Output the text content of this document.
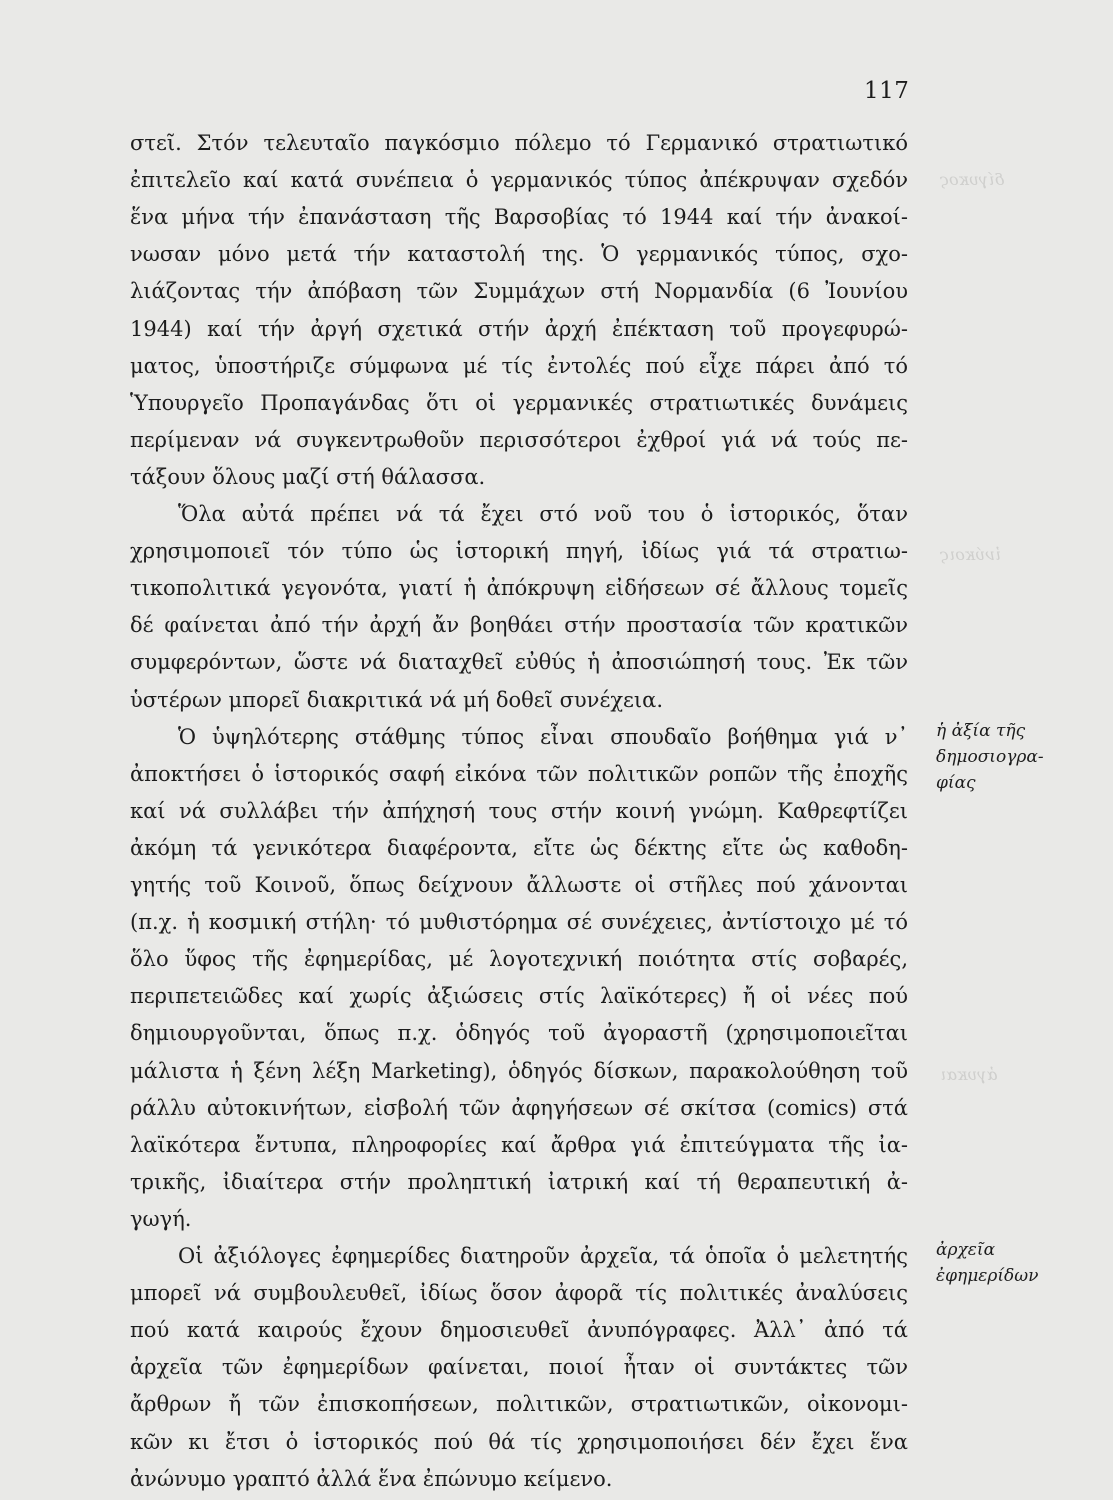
117
δίγυκος
ἰνύκοις
ἀγυκαι
στεῖ. Στόν τελευταῖο παγκόσμιο πόλεμο τό Γερμανικό στρατιωτικό
ἐπιτελεῖο καί κατά συνέπεια ὁ γερμανικός τύπος ἀπέκρυψαν σχεδόν
ἕνα μήνα τήν ἐπανάσταση τῆς Βαρσοβίας τό 1944 καί τήν ἀνακοί-
νωσαν μόνο μετά τήν καταστολή της. Ὁ γερμανικός τύπος, σχο-
λιάζοντας τήν ἀπόβαση τῶν Συμμάχων στή Νορμανδία (6 Ἰουνίου
1944) καί τήν ἀργή σχετικά στήν ἀρχή ἐπέκταση τοῦ προγεφυρώ-
ματος, ὑποστήριζε σύμφωνα μέ τίς ἐντολές πού εἶχε πάρει ἀπό τό
Ὑπουργεῖο Προπαγάνδας ὅτι οἱ γερμανικές στρατιωτικές δυνάμεις
περίμεναν νά συγκεντρωθοῦν περισσότεροι ἐχθροί γιά νά τούς πε-
τάξουν ὅλους μαζί στή θάλασσα.
Ὅλα αὐτά πρέπει νά τά ἔχει στό νοῦ του ὁ ἱστορικός, ὅταν
χρησιμοποιεῖ τόν τύπο ὡς ἱστορική πηγή, ἰδίως γιά τά στρατιω-
τικοπολιτικά γεγονότα, γιατί ἡ ἀπόκρυψη εἰδήσεων σέ ἄλλους τομεῖς
δέ φαίνεται ἀπό τήν ἀρχή ἄν βοηθάει στήν προστασία τῶν κρατικῶν
συμφερόντων, ὥστε νά διαταχθεῖ εὐθύς ἡ ἀποσιώπησή τους. Ἐκ τῶν
ὑστέρων μπορεῖ διακριτικά νά μή δοθεῖ συνέχεια.
Ὁ ὑψηλότερης στάθμης τύπος εἶναι σπουδαῖο βοήθημα γιά ν᾿
ἀποκτήσει ὁ ἱστορικός σαφή εἰκόνα τῶν πολιτικῶν ροπῶν τῆς ἐποχῆς
καί νά συλλάβει τήν ἀπήχησή τους στήν κοινή γνώμη. Καθρεφτίζει
ἀκόμη τά γενικότερα διαφέροντα, εἴτε ὡς δέκτης εἴτε ὡς καθοδη-
γητής τοῦ Κοινοῦ, ὅπως δείχνουν ἄλλωστε οἱ στῆλες πού χάνονται
(π.χ. ἡ κοσμική στήλη· τό μυθιστόρημα σέ συνέχειες, ἀντίστοιχο μέ τό
ὅλο ὕφος τῆς ἐφημερίδας, μέ λογοτεχνική ποιότητα στίς σοβαρές,
περιπετειῶδες καί χωρίς ἀξιώσεις στίς λαϊκότερες) ἤ οἱ νέες πού
δημιουργοῦνται, ὅπως π.χ. ὁδηγός τοῦ ἀγοραστῆ (χρησιμοποιεῖται
μάλιστα ἡ ξένη λέξη Marketing), ὁδηγός δίσκων, παρακολούθηση τοῦ
ράλλυ αὐτοκινήτων, εἰσβολή τῶν ἀφηγήσεων σέ σκίτσα (comics) στά
λαϊκότερα ἔντυπα, πληροφορίες καί ἄρθρα γιά ἐπιτεύγματα τῆς ἰα-
τρικῆς, ἰδιαίτερα στήν προληπτική ἰατρική καί τή θεραπευτική ἀ-
γωγή.
Οἱ ἀξιόλογες ἐφημερίδες διατηροῦν ἀρχεῖα, τά ὁποῖα ὁ μελετητής
μπορεῖ νά συμβουλευθεῖ, ἰδίως ὅσον ἀφορᾶ τίς πολιτικές ἀναλύσεις
πού κατά καιρούς ἔχουν δημοσιευθεῖ ἀνυπόγραφες. Ἀλλ᾿ ἀπό τά
ἀρχεῖα τῶν ἐφημερίδων φαίνεται, ποιοί ἦταν οἱ συντάκτες τῶν
ἄρθρων ἤ τῶν ἐπισκοπήσεων, πολιτικῶν, στρατιωτικῶν, οἰκονομι-
κῶν κι ἔτσι ὁ ἱστορικός πού θά τίς χρησιμοποιήσει δέν ἔχει ἕνα
ἀνώνυμο γραπτό ἀλλά ἕνα ἐπώνυμο κείμενο.
ἡ ἀξία τῆς
δημοσιογρα-
φίας
ἀρχεῖα
ἐφημερίδων
